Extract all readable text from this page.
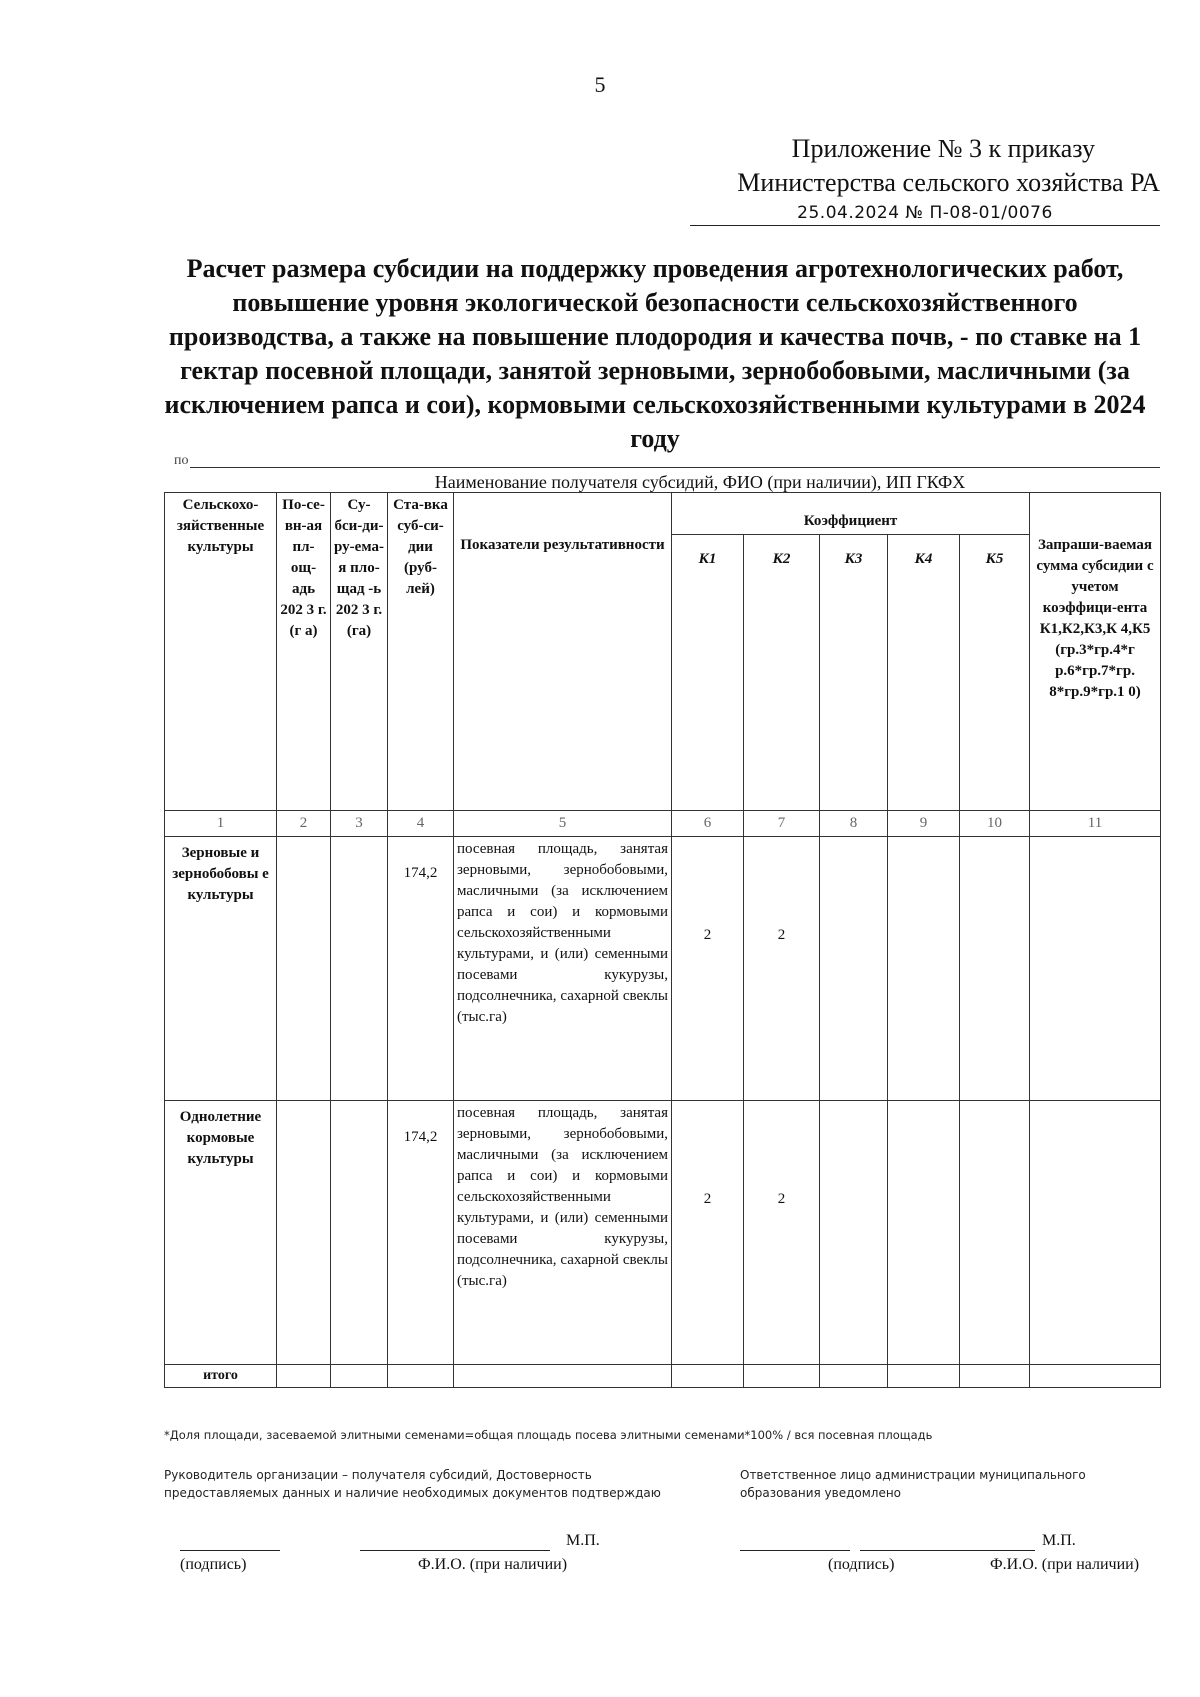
5
Приложение № 3 к приказу
Министерства сельского хозяйства РА
25.04.2024 № П-08-01/0076
Расчет размера субсидии на поддержку проведения агротехнологических работ, повышение уровня экологической безопасности сельскохозяйственного производства, а также на повышение плодородия и качества почв, - по ставке на 1 гектар посевной площади, занятой зерновыми, зернобобовыми, масличными (за исключением рапса и сои), кормовыми сельскохозяйственными культурами в 2024 году
по
Наименование получателя субсидий, ФИО (при наличии), ИП ГКФХ
Сельскохо-зяйственные культуры	По-се-вн-ая пл-ощ-адь 202 3 г.(г а)	Су-бси-ди-ру-ема-я пло-щад -ь 202 3 г. (га)	Ста-вка суб-си-дии (руб-лей)	Показатели результативности	Коэффициент					Запраши-ваемая сумма субсидии с учетом коэффици-ента К1,К2,К3,К 4,К5 (гр.3*гр.4*г р.6*гр.7*гр. 8*гр.9*гр.1 0)
					К1	К2	К3	К4	К5	
1	2	3	4	5	6	7	8	9	10	11
Зерновые и зернобобовы е культуры			174,2	посевная площадь, занятая зерновыми, зернобобовыми, масличными (за исключением рапса и сои) и кормовыми сельскохозяйственными культурами, и (или) семенными посевами кукурузы, подсолнечника, сахарной свеклы (тыс.га)	2	2				
Однолетние кормовые культуры			174,2	посевная площадь, занятая зерновыми, зернобобовыми, масличными (за исключением рапса и сои) и кормовыми сельскохозяйственными культурами, и (или) семенными посевами кукурузы, подсолнечника, сахарной свеклы (тыс.га)	2	2				
итого										
*Доля площади, засеваемой элитными семенами=общая площадь посева элитными семенами*100% / вся посевная площадь
Руководитель организации – получателя субсидий, Достоверность предоставляемых данных и наличие необходимых документов подтверждаю
Ответственное лицо администрации муниципального образования уведомлено
М.П.
(подпись)	Ф.И.О. (при наличии)
М.П.
(подпись)	Ф.И.О. (при наличии)
